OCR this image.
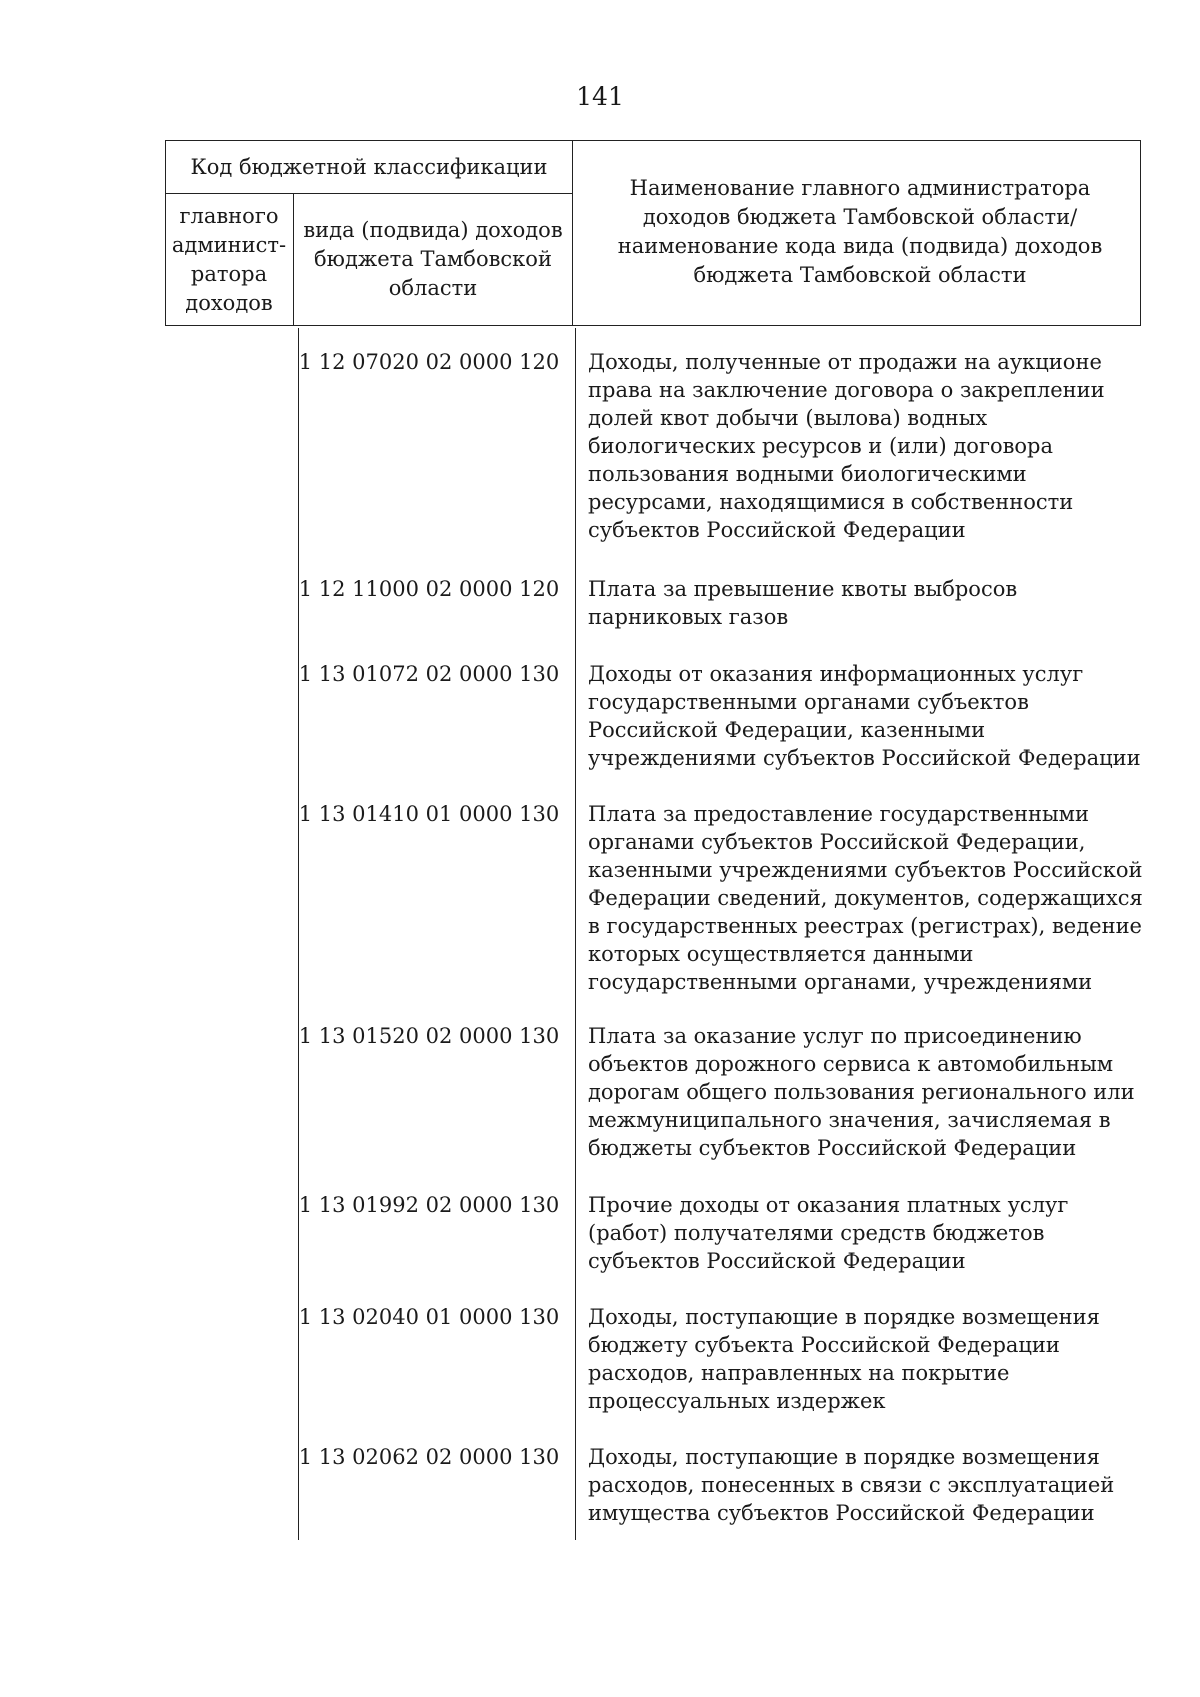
141
Код бюджетной классификации
главного админист-ратора доходов
вида (подвида) доходов бюджета Тамбовской области
Наименование главного администратора доходов бюджета Тамбовской области/наименование кода вида (подвида) доходов бюджета Тамбовской области
1 12 07020 02 0000 120 Доходы, полученные от продажи на аукционе права на заключение договора о закреплении долей квот добычи (вылова) водных биологических ресурсов и (или) договора пользования водными биологическими ресурсами, находящимися в собственности субъектов Российской Федерации
1 12 11000 02 0000 120 Плата за превышение квоты выбросов парниковых газов
1 13 01072 02 0000 130 Доходы от оказания информационных услуг государственными органами субъектов Российской Федерации, казенными учреждениями субъектов Российской Федерации
1 13 01410 01 0000 130 Плата за предоставление государственными органами субъектов Российской Федерации, казенными учреждениями субъектов Российской Федерации сведений, документов, содержащихся в государственных реестрах (регистрах), ведение которых осуществляется данными государственными органами, учреждениями
1 13 01520 02 0000 130 Плата за оказание услуг по присоединению объектов дорожного сервиса к автомобильным дорогам общего пользования регионального или межмуниципального значения, зачисляемая в бюджеты субъектов Российской Федерации
1 13 01992 02 0000 130 Прочие доходы от оказания платных услуг (работ) получателями средств бюджетов субъектов Российской Федерации
1 13 02040 01 0000 130 Доходы, поступающие в порядке возмещения бюджету субъекта Российской Федерации расходов, направленных на покрытие процессуальных издержек
1 13 02062 02 0000 130 Доходы, поступающие в порядке возмещения расходов, понесенных в связи с эксплуатацией имущества субъектов Российской Федерации
